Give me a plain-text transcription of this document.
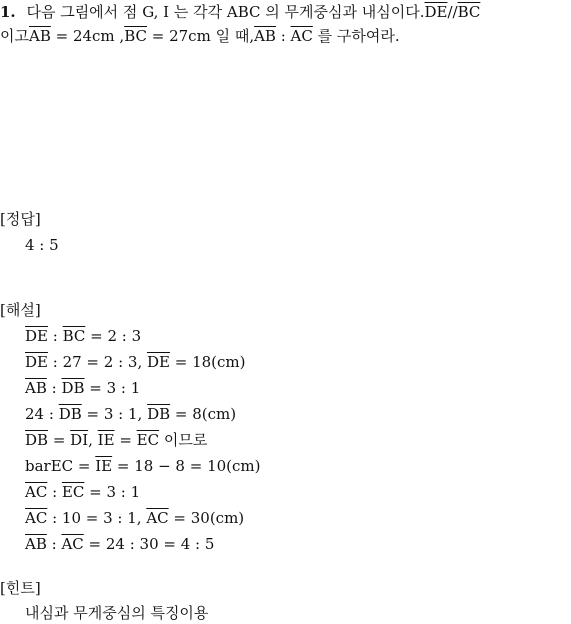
1. 다음 그림에서 점 G, I 는 각각 ABC 의 무게중심과 내심이다$.\overline{DE}//\overline{BC}$
이고$\overline{AB} = 24cm$ $,\overline{BC} = 27cm$ 일 때$,\overline{AB}$ : $\overline{AC}$ 를 구하여라.
[정답]
4 : 5
[해설]
$\overline{DE}$ : $\overline{BC} = 2$ : 3
$\overline{DE}$ : 27 = 2 : 3, $\overline{DE} = 18(cm)$
$\overline{AB}$ : $\overline{DB} = 3$ : 1
24 : $\overline{DB} = 3$ : 1, $\overline{DB} = 8(cm)$
$\overline{DB} = \overline{DI}$, $\overline{IE} = \overline{EC}$ 이므로
barEC = $\overline{IE} = 18 - 8 = 10(cm)$
$\overline{AC}$ : $\overline{EC} = 3$ : 1
$\overline{AC}$ : 10 = 3 : 1, $\overline{AC} = 30(cm)$
$\overline{AB}$ : $\overline{AC} = 24$ : 30 = 4 : 5
[힌트]
내심과 무게중심의 특징이용
